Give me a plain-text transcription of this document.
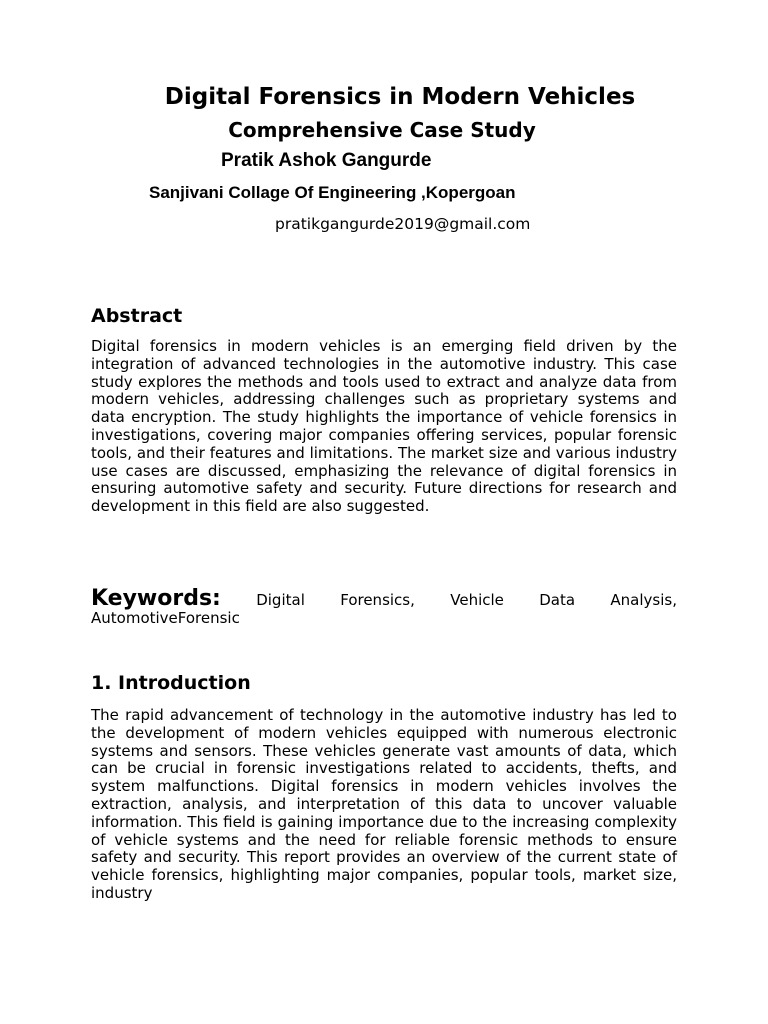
Digital Forensics in Modern Vehicles
Comprehensive Case Study
Pratik Ashok Gangurde
Sanjivani Collage Of Engineering ,Kopergoan
pratikgangurde2019@gmail.com
Abstract

Digital forensics in modern vehicles is an emerging field driven by the integration of advanced technologies in the automotive industry. This case study explores the methods and tools used to extract and analyze data from modern vehicles, addressing challenges such as proprietary systems and data encryption. The study highlights the importance of vehicle forensics in investigations, covering major companies offering services, popular forensic tools, and their features and limitations. The market size and various industry use cases are discussed, emphasizing the relevance of digital forensics in ensuring automotive safety and security. Future directions for research and development in this field are also suggested.

Keywords: Digital Forensics, Vehicle Data Analysis, AutomotiveForensic

1. Introduction

The rapid advancement of technology in the automotive industry has led to the development of modern vehicles equipped with numerous electronic systems and sensors. These vehicles generate vast amounts of data, which can be crucial in forensic investigations related to accidents, thefts, and system malfunctions. Digital forensics in modern vehicles involves the extraction, analysis, and interpretation of this data to uncover valuable information. This field is gaining importance due to the increasing complexity of vehicle systems and the need for reliable forensic methods to ensure safety and security. This report provides an overview of the current state of vehicle forensics, highlighting major companies, popular tools, market size, industry
